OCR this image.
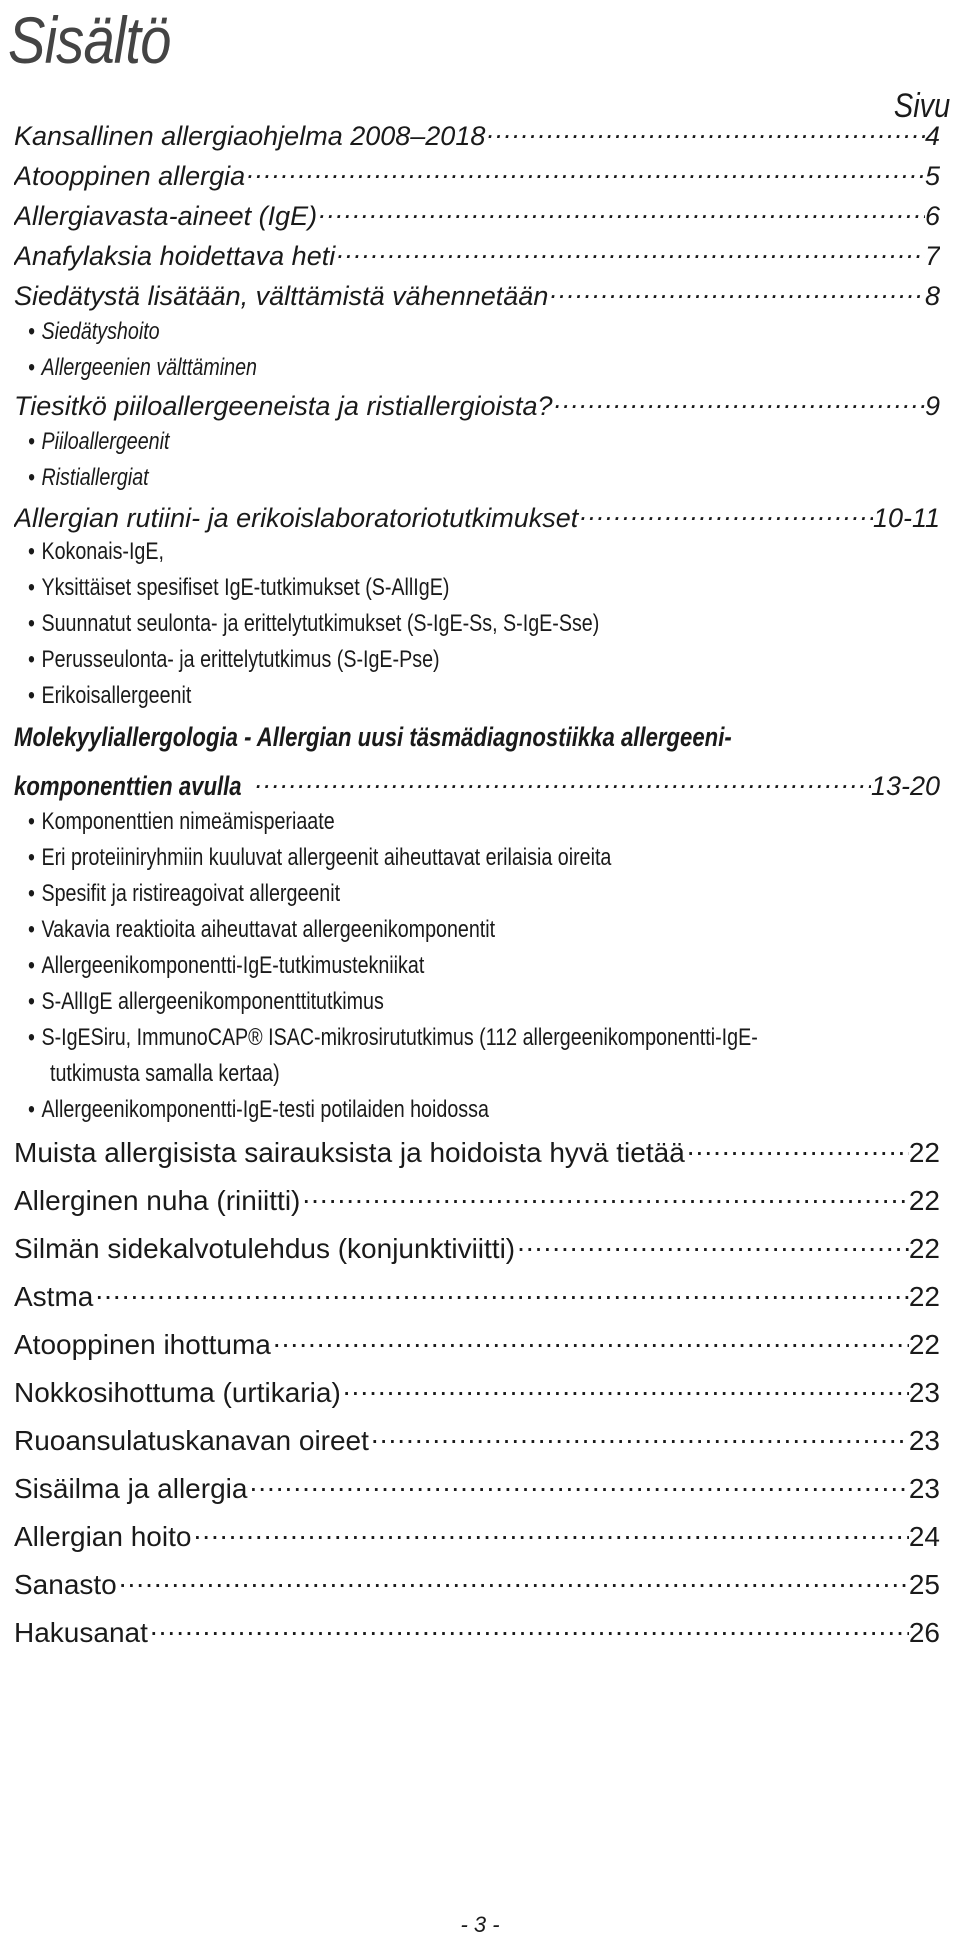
Sisältö
Sivu
Kansallinen allergiaohjelma 2008–2018 .....	4
Atooppinen allergia .....	5
Allergiavasta-aineet (IgE) .....	6
Anafylaksia hoidettava heti .....	7
Siedätystä lisätään, välttämistä vähennetään .....	8
• Siedätyshoito
• Allergeenien välttäminen
Tiesitkö piiloallergeeneista ja ristiallergioista? .....	9
• Piiloallergeenit
• Ristiallergiat
Allergian rutiini- ja erikoislaboratoriotutkimukset .....	10-11
• Kokonais-IgE,
• Yksittäiset spesifiset IgE-tutkimukset (S-AllIgE)
• Suunnatut seulonta- ja erittelytutkimukset (S-IgE-Ss, S-IgE-Sse)
• Perusseulonta- ja erittelytutkimus (S-IgE-Pse)
• Erikoisallergeenit
Molekyyliallergologia - Allergian uusi täsmädiagnostiikka allergeeni-
komponenttien avulla .....	13-20
• Komponenttien nimeämisperiaate
• Eri proteiiniryhmiin kuuluvat allergeenit aiheuttavat erilaisia oireita
• Spesifit ja ristireagoivat allergeenit
• Vakavia reaktioita aiheuttavat allergeenikomponentit
• Allergeenikomponentti-IgE-tutkimustekniikat
• S-AllIgE allergeenikomponenttitutkimus
• S-IgESiru, ImmunoCAP® ISAC-mikrosirututkimus (112 allergeenikomponentti-IgE-
tutkimusta samalla kertaa)
• Allergeenikomponentti-IgE-testi potilaiden hoidossa
Muista allergisista sairauksista ja hoidoista hyvä tietää .....	22
Allerginen nuha (riniitti) .....	22
Silmän sidekalvotulehdus (konjunktiviitti) .....	22
Astma .....	22
Atooppinen ihottuma .....	22
Nokkosihottuma (urtikaria) .....	23
Ruoansulatuskanavan oireet .....	23
Sisäilma ja allergia .....	23
Allergian hoito .....	24
Sanasto .....	25
Hakusanat .....	26
- 3 -
